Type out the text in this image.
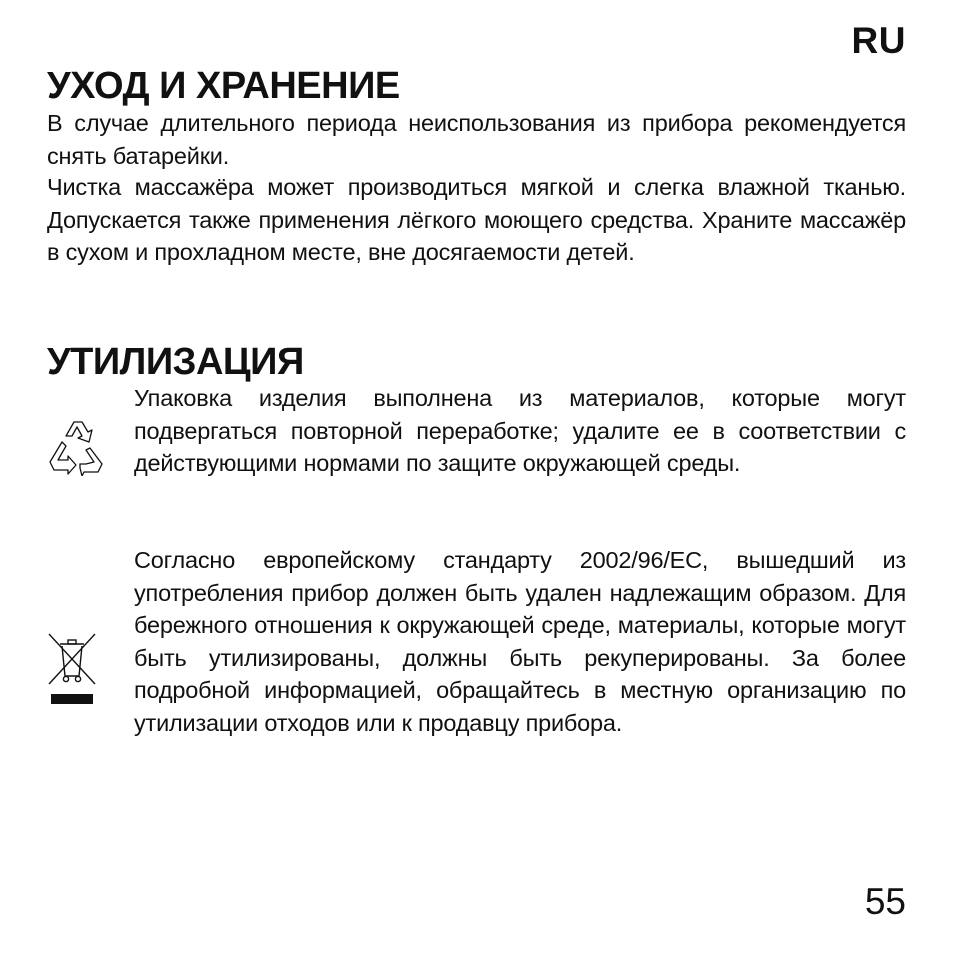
RU
УХОД И ХРАНЕНИЕ

В случае длительного периода неиспользования из прибора рекомендуется снять батарейки.

Чистка массажёра может производиться мягкой и слегка влажной тканью. Допускается также применения лёгкого моющего средства. Храните массажёр в сухом и прохладном месте, вне досягаемости детей.

УТИЛИЗАЦИЯ

Упаковка изделия выполнена из материалов, которые могут подвергаться повторной переработке; удалите ее в соответствии с действующими нормами по защите окружающей среды.

Согласно европейскому стандарту 2002/96/EC, вышедший из употребления прибор должен быть удален надлежащим образом. Для бережного отношения к окружающей среде, материалы, которые могут быть утилизированы, должны быть рекуперированы. За более подробной информацией, обращайтесь в местную организацию по утилизации отходов или к продавцу прибора.

55
